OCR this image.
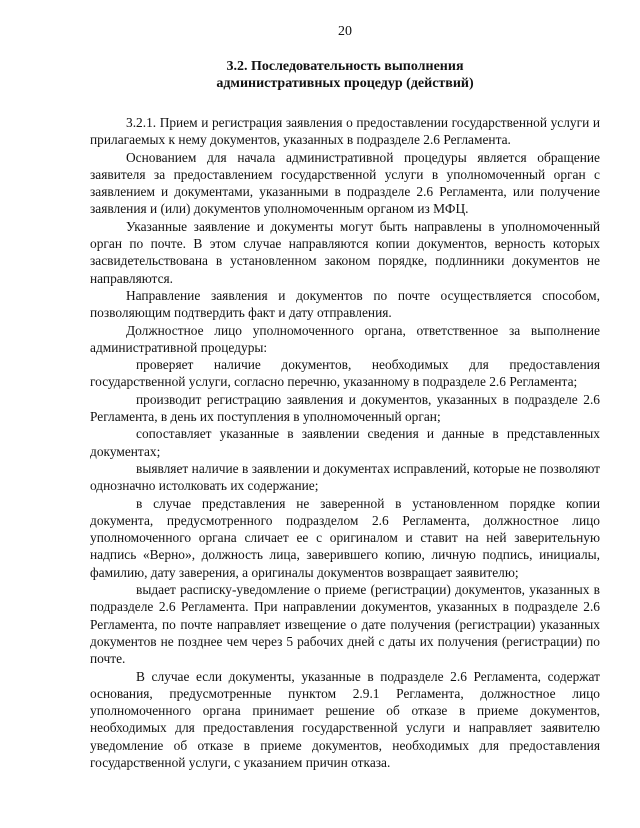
20
3.2. Последовательность выполнения
административных процедур (действий)

3.2.1. Прием и регистрация заявления о предоставлении государственной услуги и прилагаемых к нему документов, указанных в подразделе 2.6 Регламента.

Основанием для начала административной процедуры является обращение заявителя за предоставлением государственной услуги в уполномоченный орган с заявлением и документами, указанными в подразделе 2.6 Регламента, или получение заявления и (или) документов уполномоченным органом из МФЦ.

Указанные заявление и документы могут быть направлены в уполномоченный орган по почте. В этом случае направляются копии документов, верность которых засвидетельствована в установленном законом порядке, подлинники документов не направляются.

Направление заявления и документов по почте осуществляется способом, позволяющим подтвердить факт и дату отправления.

Должностное лицо уполномоченного органа, ответственное за выполнение административной процедуры:

проверяет наличие документов, необходимых для предоставления государственной услуги, согласно перечню, указанному в подразделе 2.6 Регламента;

производит регистрацию заявления и документов, указанных в подразделе 2.6 Регламента, в день их поступления в уполномоченный орган;

сопоставляет указанные в заявлении сведения и данные в представленных документах;

выявляет наличие в заявлении и документах исправлений, которые не позволяют однозначно истолковать их содержание;

в случае представления не заверенной в установленном порядке копии документа, предусмотренного подразделом 2.6 Регламента, должностное лицо уполномоченного органа сличает ее с оригиналом и ставит на ней заверительную надпись «Верно», должность лица, заверившего копию, личную подпись, инициалы, фамилию, дату заверения, а оригиналы документов возвращает заявителю;

выдает расписку-уведомление о приеме (регистрации) документов, указанных в подразделе 2.6 Регламента. При направлении документов, указанных в подразделе 2.6 Регламента, по почте направляет извещение о дате получения (регистрации) указанных документов не позднее чем через 5 рабочих дней с даты их получения (регистрации) по почте.

В случае если документы, указанные в подразделе 2.6 Регламента, содержат основания, предусмотренные пунктом 2.9.1 Регламента, должностное лицо уполномоченного органа принимает решение об отказе в приеме документов, необходимых для предоставления государственной услуги и направляет заявителю уведомление об отказе в приеме документов, необходимых для предоставления государственной услуги, с указанием причин отказа.
